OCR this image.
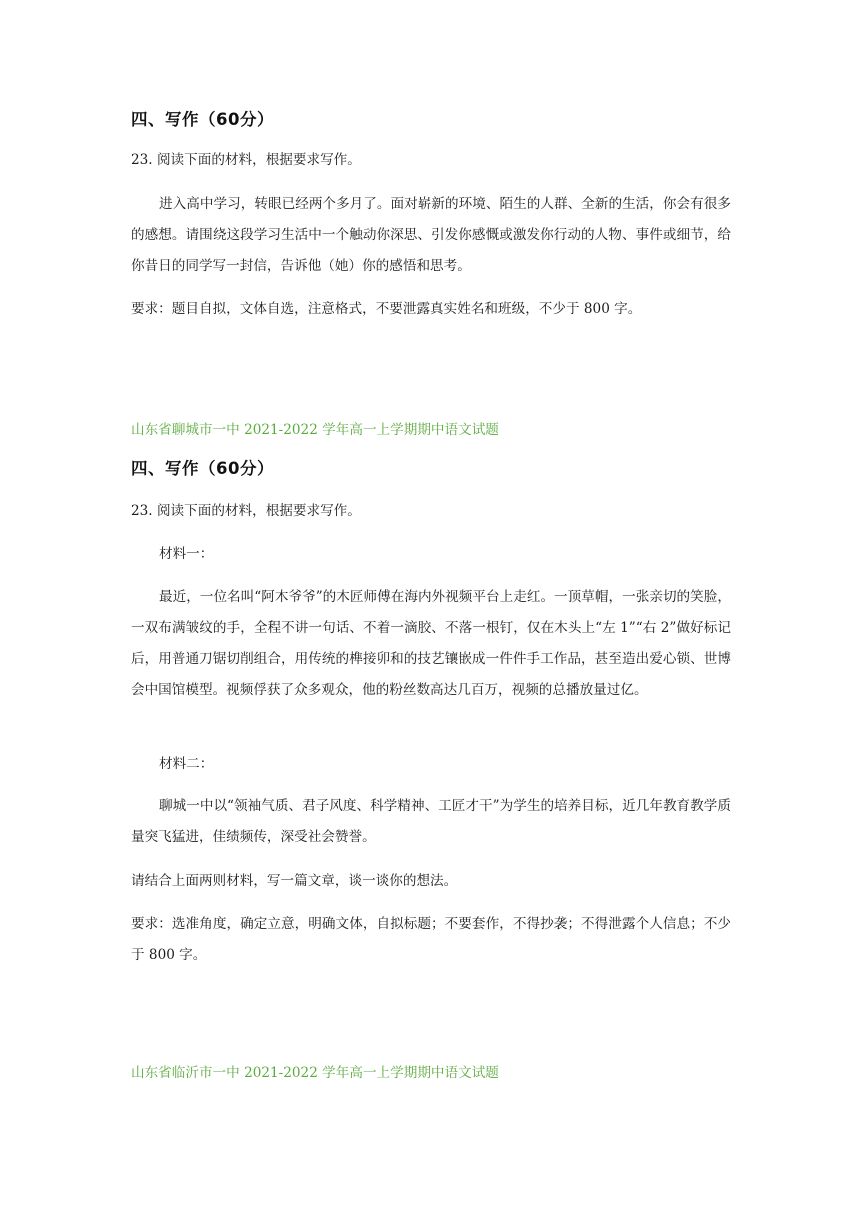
四、写作（60分）

23. 阅读下面的材料，根据要求写作。

进入高中学习，转眼已经两个多月了。面对崭新的环境、陌生的人群、全新的生活，你会有很多的感想。请围绕这段学习生活中一个触动你深思、引发你感慨或激发你行动的人物、事件或细节，给你昔日的同学写一封信，告诉他（她）你的感悟和思考。

要求：题目自拟，文体自选，注意格式，不要泄露真实姓名和班级，不少于 800 字。

山东省聊城市一中 2021-2022 学年高一上学期期中语文试题

四、写作（60分）

23. 阅读下面的材料，根据要求写作。

材料一：

最近，一位名叫“阿木爷爷”的木匠师傅在海内外视频平台上走红。一顶草帽，一张亲切的笑脸，一双布满皱纹的手，全程不讲一句话、不着一滴胶、不落一根钉，仅在木头上“左 1”“右 2”做好标记后，用普通刀锯切削组合，用传统的榫接卯和的技艺镶嵌成一件件手工作品，甚至造出爱心锁、世博会中国馆模型。视频俘获了众多观众，他的粉丝数高达几百万，视频的总播放量过亿。

材料二：

聊城一中以“领袖气质、君子风度、科学精神、工匠才干”为学生的培养目标，近几年教育教学质量突飞猛进，佳绩频传，深受社会赞誉。

请结合上面两则材料，写一篇文章，谈一谈你的想法。

要求：选准角度，确定立意，明确文体，自拟标题；不要套作，不得抄袭；不得泄露个人信息；不少于 800 字。

山东省临沂市一中 2021-2022 学年高一上学期期中语文试题
